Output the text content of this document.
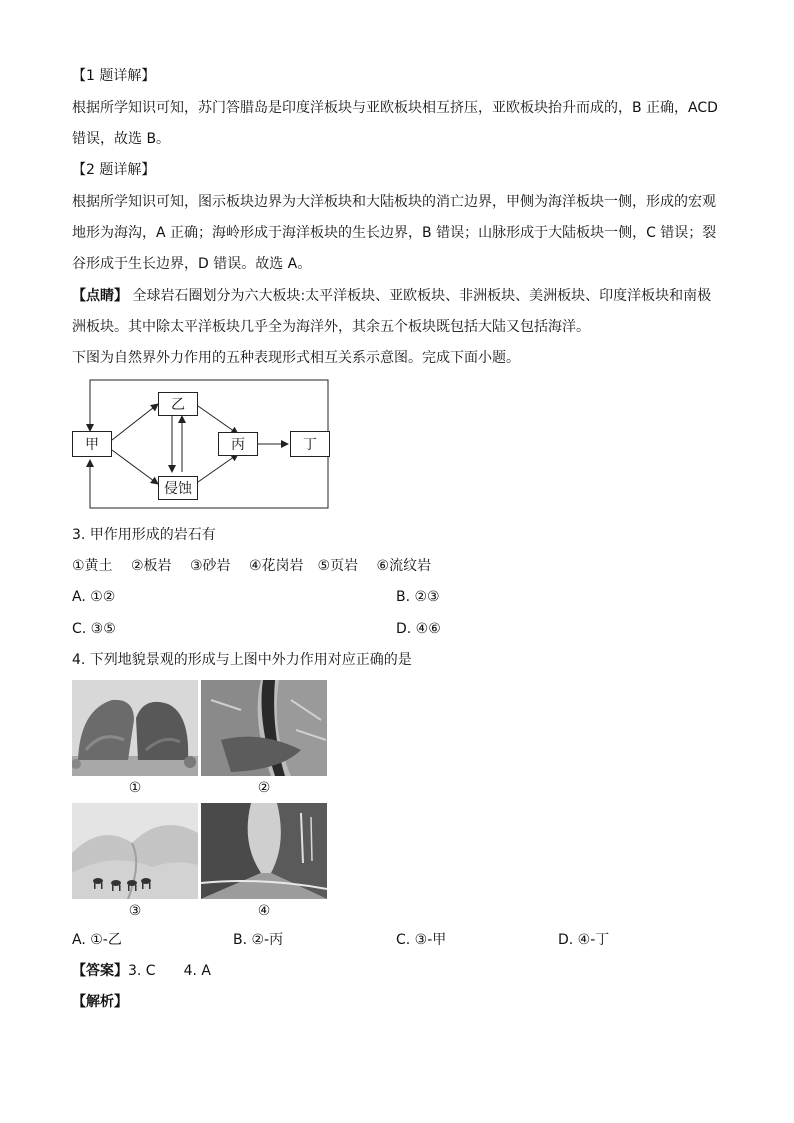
【1 题详解】
根据所学知识可知，苏门答腊岛是印度洋板块与亚欧板块相互挤压，亚欧板块抬升而成的，B 正确，ACD
错误，故选 B。
【2 题详解】
根据所学知识可知，图示板块边界为大洋板块和大陆板块的消亡边界，甲侧为海洋板块一侧，形成的宏观
地形为海沟，A 正确；海岭形成于海洋板块的生长边界，B 错误；山脉形成于大陆板块一侧，C 错误；裂
谷形成于生长边界，D 错误。故选 A。
【点睛】 全球岩石圈划分为六大板块:太平洋板块、亚欧板块、非洲板块、美洲板块、印度洋板块和南极
洲板块。其中除太平洋板块几乎全为海洋外，其余五个板块既包括大陆又包括海洋。
下图为自然界外力作用的五种表现形式相互关系示意图。完成下面小题。
甲
乙
丙	丁
侵蚀
3. 甲作用形成的岩石有
①黄土　 ②板岩　 ③砂岩　 ④花岗岩　⑤页岩　 ⑥流纹岩
A. ①②	B. ②③
C. ③⑤	D. ④⑥
4. 下列地貌景观的形成与上图中外力作用对应正确的是
①	②
③	④
A. ①-乙	B. ②-丙	C. ③-甲	D. ④-丁
【答案】3. C　　4. A
【解析】
